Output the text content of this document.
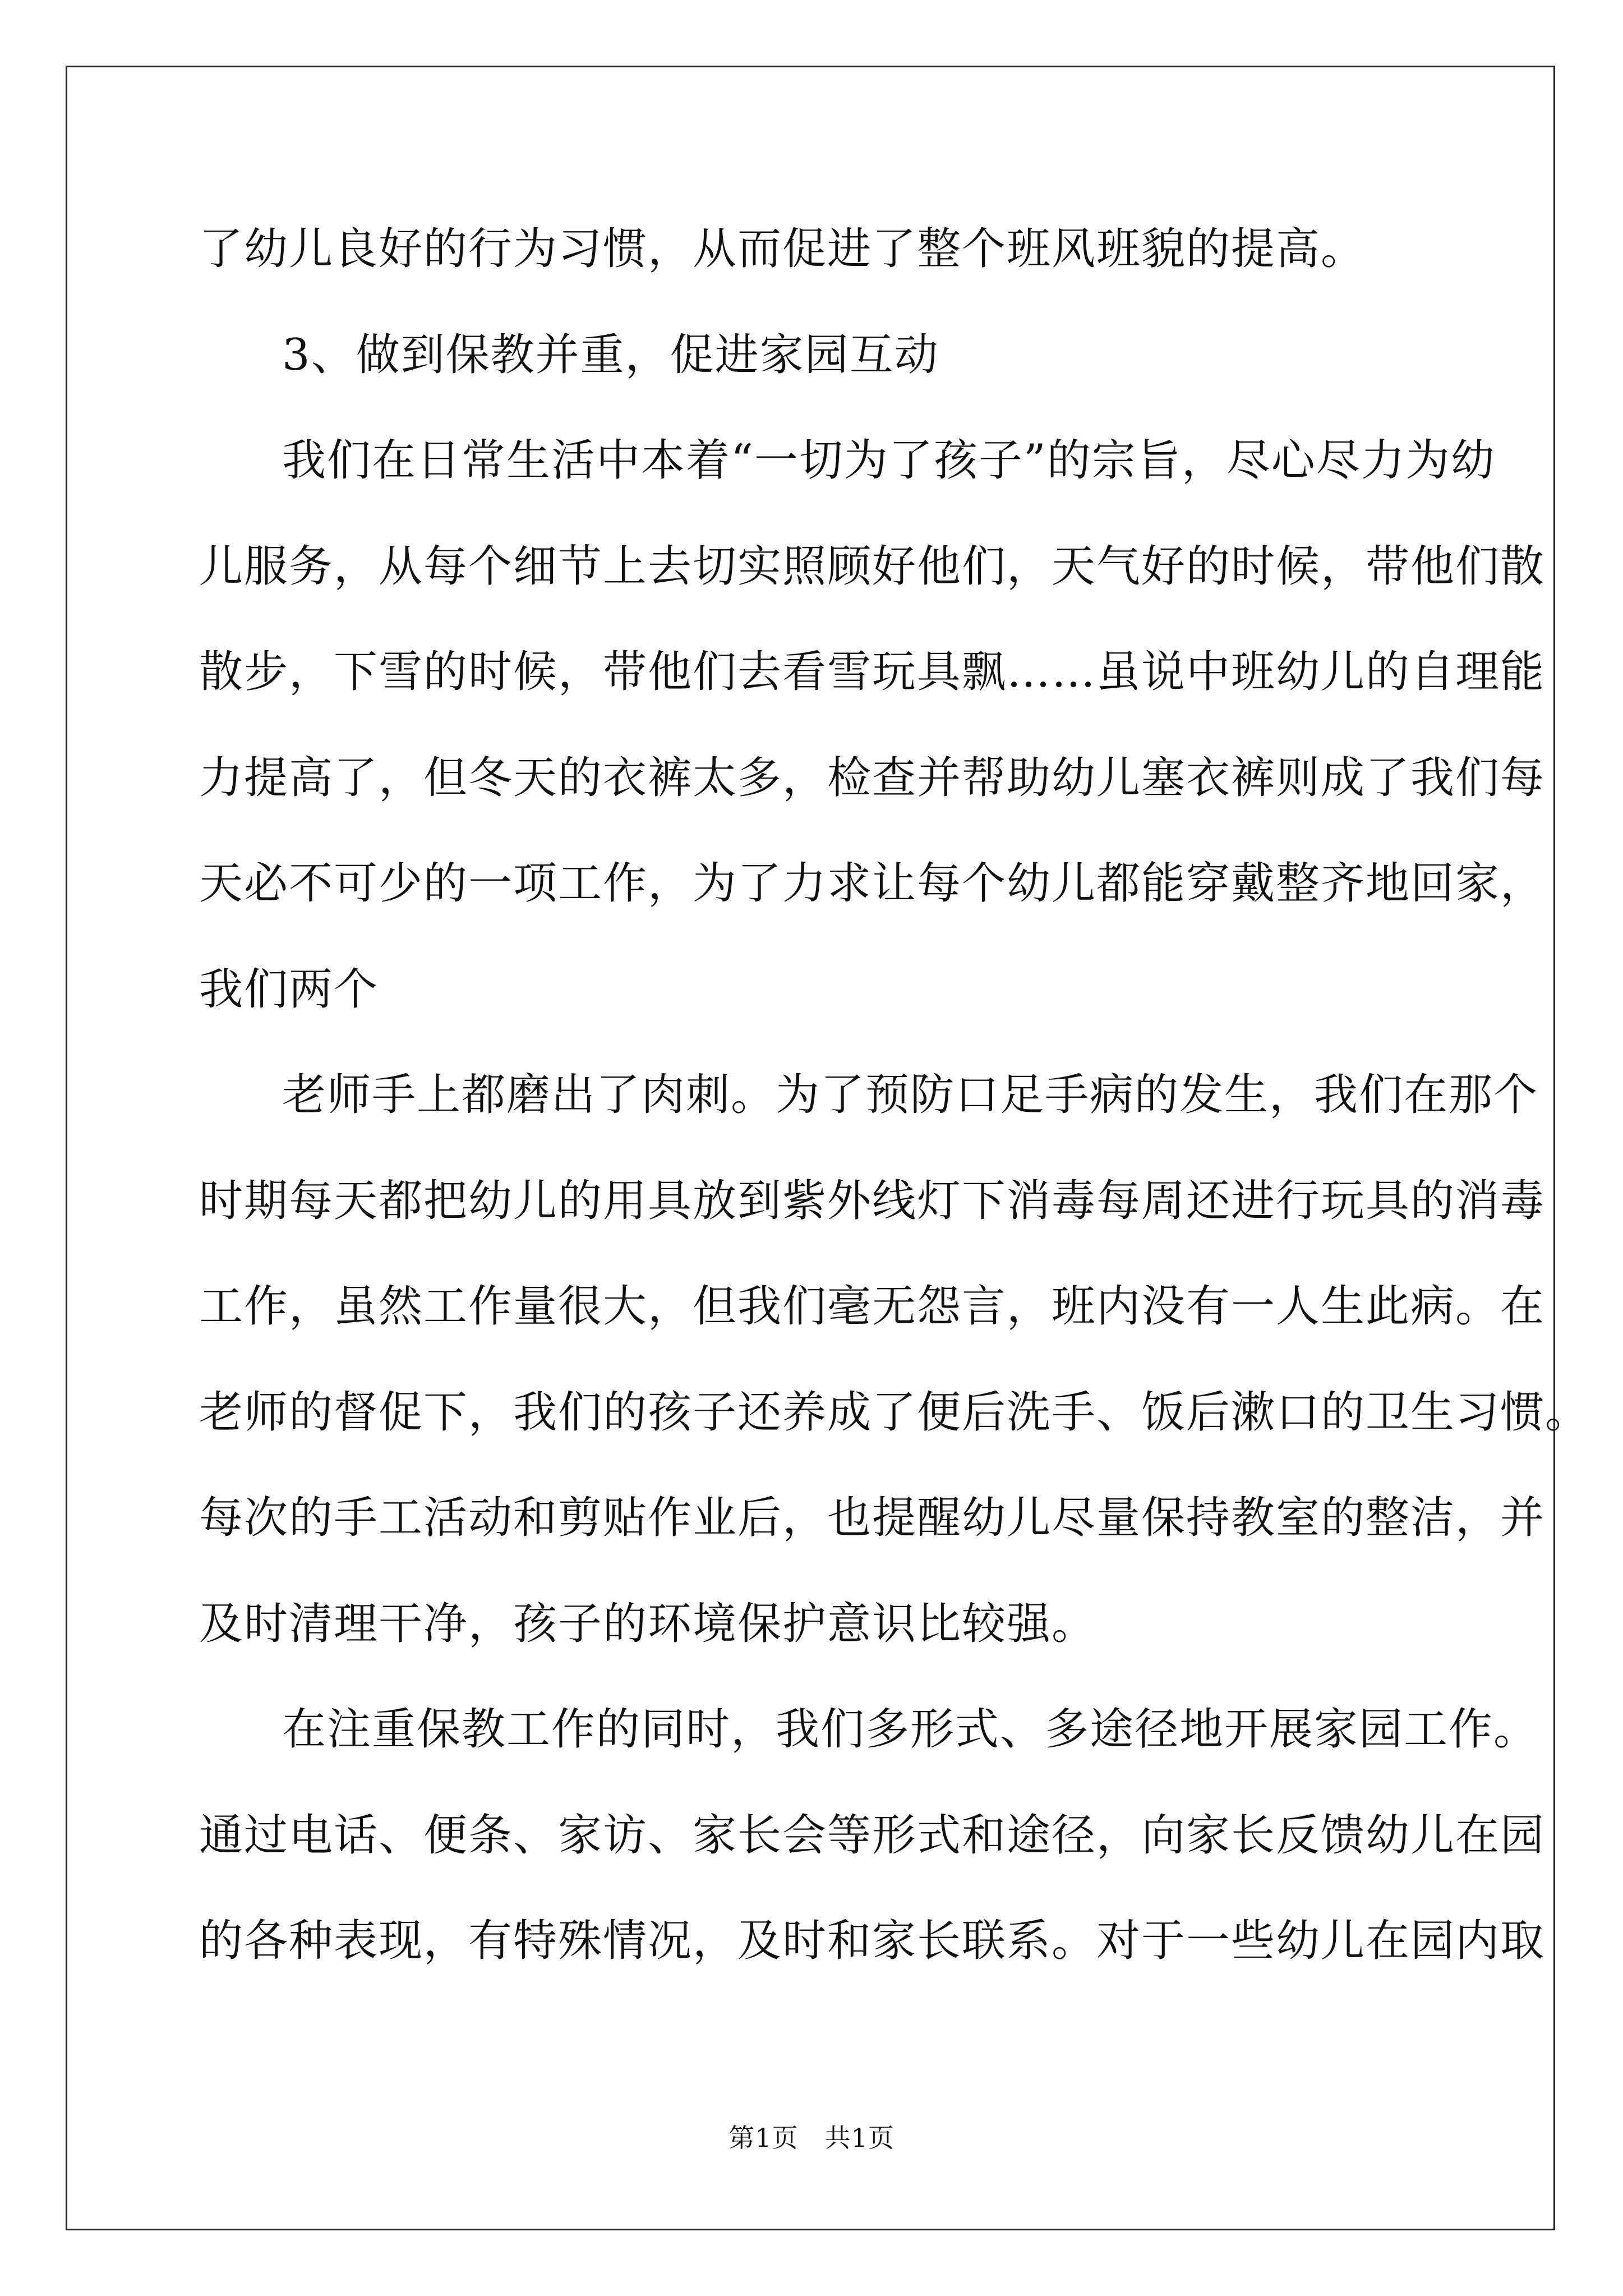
了幼儿良好的行为习惯，从而促进了整个班风班貌的提高。
3、做到保教并重，促进家园互动
我们在日常生活中本着“一切为了孩子”的宗旨，尽心尽力为幼
儿服务，从每个细节上去切实照顾好他们，天气好的时候，带他们散
散步，下雪的时候，带他们去看雪玩具飘……虽说中班幼儿的自理能
力提高了，但冬天的衣裤太多，检查并帮助幼儿塞衣裤则成了我们每
天必不可少的一项工作，为了力求让每个幼儿都能穿戴整齐地回家，
我们两个
老师手上都磨出了肉刺。为了预防口足手病的发生，我们在那个
时期每天都把幼儿的用具放到紫外线灯下消毒每周还进行玩具的消毒
工作，虽然工作量很大，但我们毫无怨言，班内没有一人生此病。在
老师的督促下，我们的孩子还养成了便后洗手、饭后漱口的卫生习惯。
每次的手工活动和剪贴作业后，也提醒幼儿尽量保持教室的整洁，并
及时清理干净，孩子的环境保护意识比较强。
在注重保教工作的同时，我们多形式、多途径地开展家园工作。
通过电话、便条、家访、家长会等形式和途径，向家长反馈幼儿在园
的各种表现，有特殊情况，及时和家长联系。对于一些幼儿在园内取
第1页　共1页
